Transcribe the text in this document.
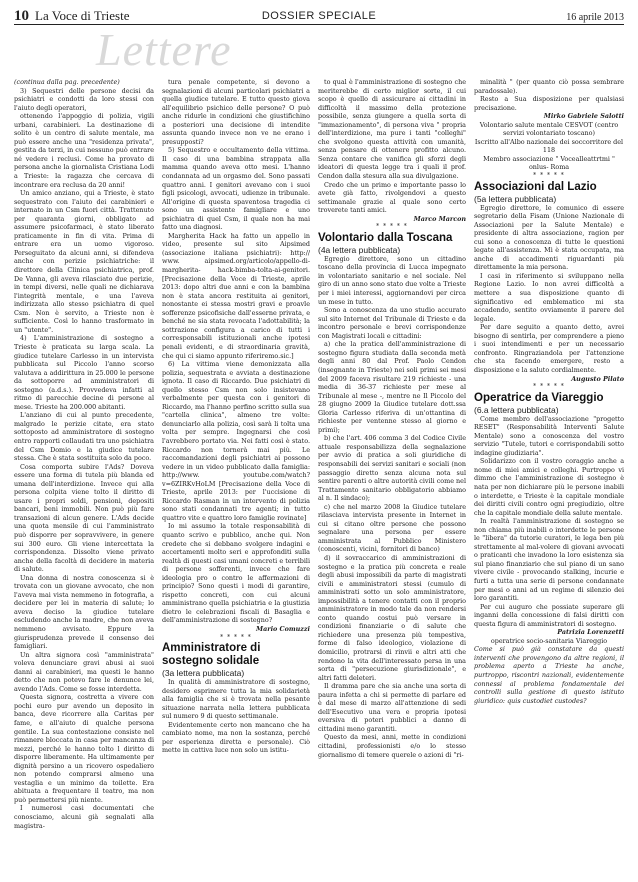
10 La Voce di Trieste	DOSSIER SPECIALE	16 aprile 2013
Lettere

(continua dalla pag. precedente)

3) Sequestri delle persone decisi da psichiatri e condotti da loro stessi con l'aiuto degli operatori,

ottenendo l'appoggio di polizia, vigili urbani, carabinieri. La destinazione di solito è un centro di salute mentale, ma può essere anche una "residenza privata", gestita da terzi, in cui nessuno può entrare né vedere i reclusi. Come ha provato di persona anche la giornalista Cristiana Lodi a Trieste: la ragazza che cercava di incontrare era reclusa da 20 anni!

Un amico anziano, qui a Trieste, è stato sequestrato con l'aiuto dei carabinieri e internato in un Csm fuori città. Trattenuto per quaranta giorni, obbligato ad assumere psicofarmaci, è stato liberato praticamente in fin di vita. Prima di entrare era un uomo vigoroso. Perseguitato da alcuni anni, si difendeva anche con perizie psichiatriche: il direttore della Clinica psichiatrica, prof. De Vanna, gli aveva rilasciato due perizie, in tempi diversi, nelle quali ne dichiarava l'integrità mentale, e una l'aveva indirizzata allo stesso psichiatra di quel Csm. Non è servito, a Trieste non è sufficiente. Così lo hanno trasformato in un "utente".

4) L'amministrazione di sostegno a Trieste è praticata su larga scala. La giudice tutelare Carlesso in un intervista pubblicata sul Piccolo l'anno scorso valutava a addirittura in 25.000 le persone da sottoporre ad amministratori di sostegno (a.d.s.). Provvedeva infatti al ritmo di parecchie decine di persone al mese. Trieste ha 200.000 abitanti.

L'anziano di cui al punto precedente, malgrado le perizie citate, era stato sottoposto ad amministratore di sostegno entro rapporti collaudati tra uno psichiatra del Csm Domio e la giudice tutelare stessa. Che è stata sostituita solo da poco.

Cosa comporta subire l'Ads? Doveva essere una forma di tutela più blanda ed umana dell'interdizione. Invece qui alla persona colpita viene tolto il diritto di usare i propri soldi, pensioni, depositi bancari, beni immobili. Non può più fare transazioni di alcun genere. L'Ads decide una quota mensile di cui l'amministrato può disporre per sopravvivere, in genere sui 300 euro. Gli viene intercettata la corrispondenza. Dissolto viene privato anche della facoltà di decidere in materia di salute.

Una donna di nostra conoscenza si è trovata con un giovane avvocato, che non l'aveva mai vista nemmeno in fotografia, a decidere per lei in materia di salute; lo aveva deciso la giudice tutelare escludendo anche la madre, che non aveva nemmeno avvisato. Eppure la giurisprudenza prevede il consenso dei famigliari.

Un altra signora così "amministrata" voleva denunciare gravi abusi ai suoi danni ai carabinieri, ma questi le hanno detto che non potevo fare le denunce lei, avendo l'Ads. Come se fosse interdetta.

Questa signora, costretta a vivere con pochi euro pur avendo un deposito in banca, deve ricorrere alla Caritas per fame, e all'aiuto di qualche persona gentile. La sua contestazione consiste nel rimanere bloccata in casa per mancanza di mezzi, perché le hanno tolto l diritto di disporre liberamente. Ha ultimamente per dignità persino a un ricovero ospedaliero non potendo comprarsi almeno una vestaglia e un minimo da toilette. Era abituata a frequentare il teatro, ma non può permettersi più niente.

I numerosi casi documentati che conosciamo, alcuni già segnalati alla magistra-

tura penale competente, si devono a segnalazioni di alcuni particolari psichiatri a quella giudice tutelare. E tutto questo giova all'equilibrio psichico delle persone? O può anche ridurle in condizioni che giustifichino a posteriori una decisione di intendite assunta quando invece non ve ne erano i presupposti?

5) Sequestro e occultamento della vittima. Il caso di una bambina strappata alla mamma quando aveva otto mesi. L'hanno condannata ad un orgasmo del. Sono passati quattro anni. I genitori avevano con i suoi figli psicologi, avvocati, udienze in tribunale. All'origine di questa spaventosa tragedia ci sono un assistente famigliare e uno psichiatra di quel Csm, il quale non ha mai fatto una diagnosi.

Margherita Hack ha fatto un appello in video, presente sul sito Aipsimed (associazione italiana psichiatri): http:// www. aipsimed.org/articolo/appello-di-margherita- hack-bimba-tolta-ai-genitori. [Precisazione della Voce di Trieste, aprile 2013: dopo altri due anni e con la bambina non è stata ancora restituita ai genitori, nonostante ei stessa mostri gravi e proavle sofferenze psicofisiche dall'esserne privata, e benché ne sia stata revocata l'adottabilità; la sottrazione configura a carico di tutti i corresponsabili istituzionali anche ipotesi penali evidenti, e di straordinaria gravità, che qui ci siamo appunto riferiremo.sic.]

6) La vittima viene demonizzata alla polizia, sequestrata e avviata a destinazione ignota. Il caso di Riccardo. Due psichiatri di quello stesso Csm non solo insistevano verbalmente per questa con i genitori di Riccardo, ma l'hanno perfino scritto sulla sua "cartella clinica", almeno tre volte: denunciarlo alla polizia, così sarà li tolta una volta per sempre. Ingegnarsi che così l'avrebbero portato via. Nei fatti così è stato. Riccardo non tornerà mai più. Le raccomandazioni degli psichiatri ai possono vedere in un video pubblicato dalla famiglia: http://www. youtube.com/watch?v=6ZIRKvHoLM [Precisazione della Voce di Trieste, aprile 2013: per l'uccisione di Riccardo Rasman in un intervento di polizia sono stati condannati tre agenti; in tutto quattro vite e quattro loro famiglie rovinate]

Io mi assumo la totale responsabilità di quanto scrivo e pubblico, anche qui. Non credete che si debbano svolgere indagini e accertamenti molto seri e approfonditi sulla realtà di questi casi umani concreti e terribili di persone sofferenti, invece che fare ideologia pro o contro le affermazioni di principio? Sono questi i modi di garantire, rispetto concreti, con cui alcuni amministrano quella psichiatria e la giustizia dietro le celebrazioni fiscali di Basaglia e dell'amministrazione di sostegno?

Mario Comuzzi

* * * * *

Amministratore di sostegno solidale

(3a lettera pubblicata)

In qualità di amministratore di sostegno, desidero esprimere tutta la mia solidarietà alla famiglia che si è trovata nella pesante situazione narrata nella lettera pubblicata sul numero 9 di questo settimanale.

Evidentemente certo non mancano che ha cambiato nome, ma non la sostanza, perché per esperienza diretta e personale). Ciò mette in cattiva luce non solo un istitu-

to qual è l'amministrazione di sostegno che meriterebbe di certo miglior sorte, il cui scopo è quello di assicurare ai cittadini in difficoltà il massimo della protezione possibile, senza giungere a quella sorta di "immazionamento", di persona viva " propria dell'interdizione, ma pure i tanti "colleghi" che svolgono questa attività con umanità, senza pensare di ottenere profitto alcuno. Senza contare che vanifica gli sforzi degli ideatori di questa legge tra i quali il prof. Cendon dalla stesura alla sua divulgazione.

Credo che un primo e importante passo lo avete già fatto, rivolgendovi a questo settimanale grazie al quale sono certo troverete tanti amici.

Marco Marcon

* * * * *

Volontario dalla Toscana

(4a lettera pubblicata)

Egregio direttore, sono un cittadino toscano della provincia di Lucca impegnato in volontariato sanitario e nel sociale. Nel giro di un anno sono stato due volte a Trieste per i miei interessi, aggiornandovi per circa un mese in tutto.

Sono a conoscenza da uno studio accurato sul sito Internet del Tribunale di Trieste e da incontro personale e brevi corrispondenze con Magistrati locali e cittadini:

a) che la pratica dell'amministrazione di sostegno figura studiata dalla seconda metà degli anni 80 dal Prof. Paolo Cendon (insegnante in Trieste) nei soli primi sei mesi del 2009 faceva risultare 219 richieste - una media di 36-37 richieste per mese al Tribunale al mese -, mentre ne Il Piccolo del 28 giugno 2009 la Giudice tutelare dott.ssa Gloria Carlesso riferiva di un'ottantina di richieste per ventenne stesso al giorno e primi);

b) che l'art. 406 comma 3 del Codice Civile attuale responsabilizza della segnalazione per avvio di pratica a soli giuridiche di responsabili dei servizi sanitari e sociali (non passaggio diretto senza alcuna nota sul sentire parenti o altre autorità civili come nel Trattamento sanitario obbligatorio abbiamo al n. Il sindaco);

c) che nel marzo 2008 la Giudice tutelare rilasciava intervista presente in Internet in cui si citano oltre persone che possono segnalare una persona per essere amministrata al Pubblico Ministero (conoscenti, vicini, fornitori di banco)

d) il sovraccarico di amministrazioni di sostegno e la pratica più concreta e reale degli abusi impossibili da parte di magistrati civili e amministratori stessi (cumulo di amministrati sotto un solo amministratore, impossibilità a tenere contatti con il proprio amministratore in modo tale da non rendersi conto quando costui può versare in condizioni finanziarie o di salute che richiedere una presenza più tempestiva, forme di falso ideologico, violazione di domicilio, protrarsi di rinvii e altri atti che rendono la vita dell'interessato persa in una sorta di "persecuzione giurisdizionale", e altri fatti deleteri.

Il dramma pare che sia anche una sorta di paura infetta a chi si permette di parlare ed è dal mese di marzo all'attenzione di sedi dell'Esecutivo una vera e propria ipotesi eversiva di poteri pubblici a danno di cittadini meno garantiti.

Questo da mesi, anni, mette in condizioni cittadini, professionisti e/o lo stesso giornalismo di temere querele o azioni di "ri-

minalità " (per quanto ciò possa sembrare paradossale).

Resto a Sua disposizione per qualsiasi precisazione.

Mirko Gabriele Salotti

Volontario salute mentale CESVOT (centro servizi volontariato toscano)

Iscritto all'Albo nazionale dei soccorritore del 118

Membro associazione " Vocealleattrtmi " onlus- Roma

* * * * *

Associazioni dal Lazio

(5a lettera pubblicata)

Egregio direttore, le comunico di essere segretario della Fisam (Unione Nazionale di Associazioni per la Salute Mentale) e presidente di altra associazione, ragion per cui sono a conoscenza di tutte le questioni legate all'assistenza. Mi è stata occupata, ma anche di accadimenti riguardanti più direttamente la mia persona.

I casi in riferimento si sviluppano nella Regione Lazio. Io non avrei difficoltà a mettere a sua disposizione quanto di significativo ed emblematico mi sta accadendo, sentito ovviamente il parere del legale.

Per dare seguito a quanto detto, avrei bisogno di sentirla, per comprendere a pieno i suoi intendimenti e per un necessario confronto. Ringraziandola per l'attenzione che sta facendo emergere, resto a disposizione e la saluto cordialmente.

Augusto Pilato

* * * * *

Operatrice da Viareggio

(6.a lettera pubblicata)

Come membro dell'associazione "progetto RESET" (Responsabilità Interventi Salute Mentale) sono a conoscenza del vostro servizio "Tutele, tutori e corrispondabili sotto indagine giudiziaria".

Solidarizzo con il vostro coraggio anche a nome di miei amici e colleghi. Purtroppo vi dimmo che l'amministrazione di sostegno è nata per non dichiarare più le persone inabili o interdette, e Trieste è la capitale mondiale dei diritti civili contro ogni pregiudizio, oltre che la capitale mondiale della salute mentale.

In realtà l'amministrazione di sostegno se non chiama più inabili o interdette le persone le "libera" da tutorie curatori, le lega ben più strettamente al mal-volere di giovani avvocati o praticanti che invadono la loro esistenza sia sul piano finanziario che sul piano di un sano vivere civile - provocando stalking, incurie e furti a tutta una serie di persone condannate per mesi o anni ad un regime di silenzio dei loro garantiti.

Per cui auguro che possiate superare gli inganni della concessione di falsi diritti con questa figura di amministratori di sostegno.

Patrizia Lorenzetti

operatrice socio-sanitaria Viareggio

Come si può già constatare da questi interventi che provengono da altre regioni, il problema aperto a Trieste ha anche, purtroppo, riscontri nazionali, evidentemente connessi al problema fondamentale dei controlli sulla gestione di questo istituto giuridico: quis custodiet custodes?
